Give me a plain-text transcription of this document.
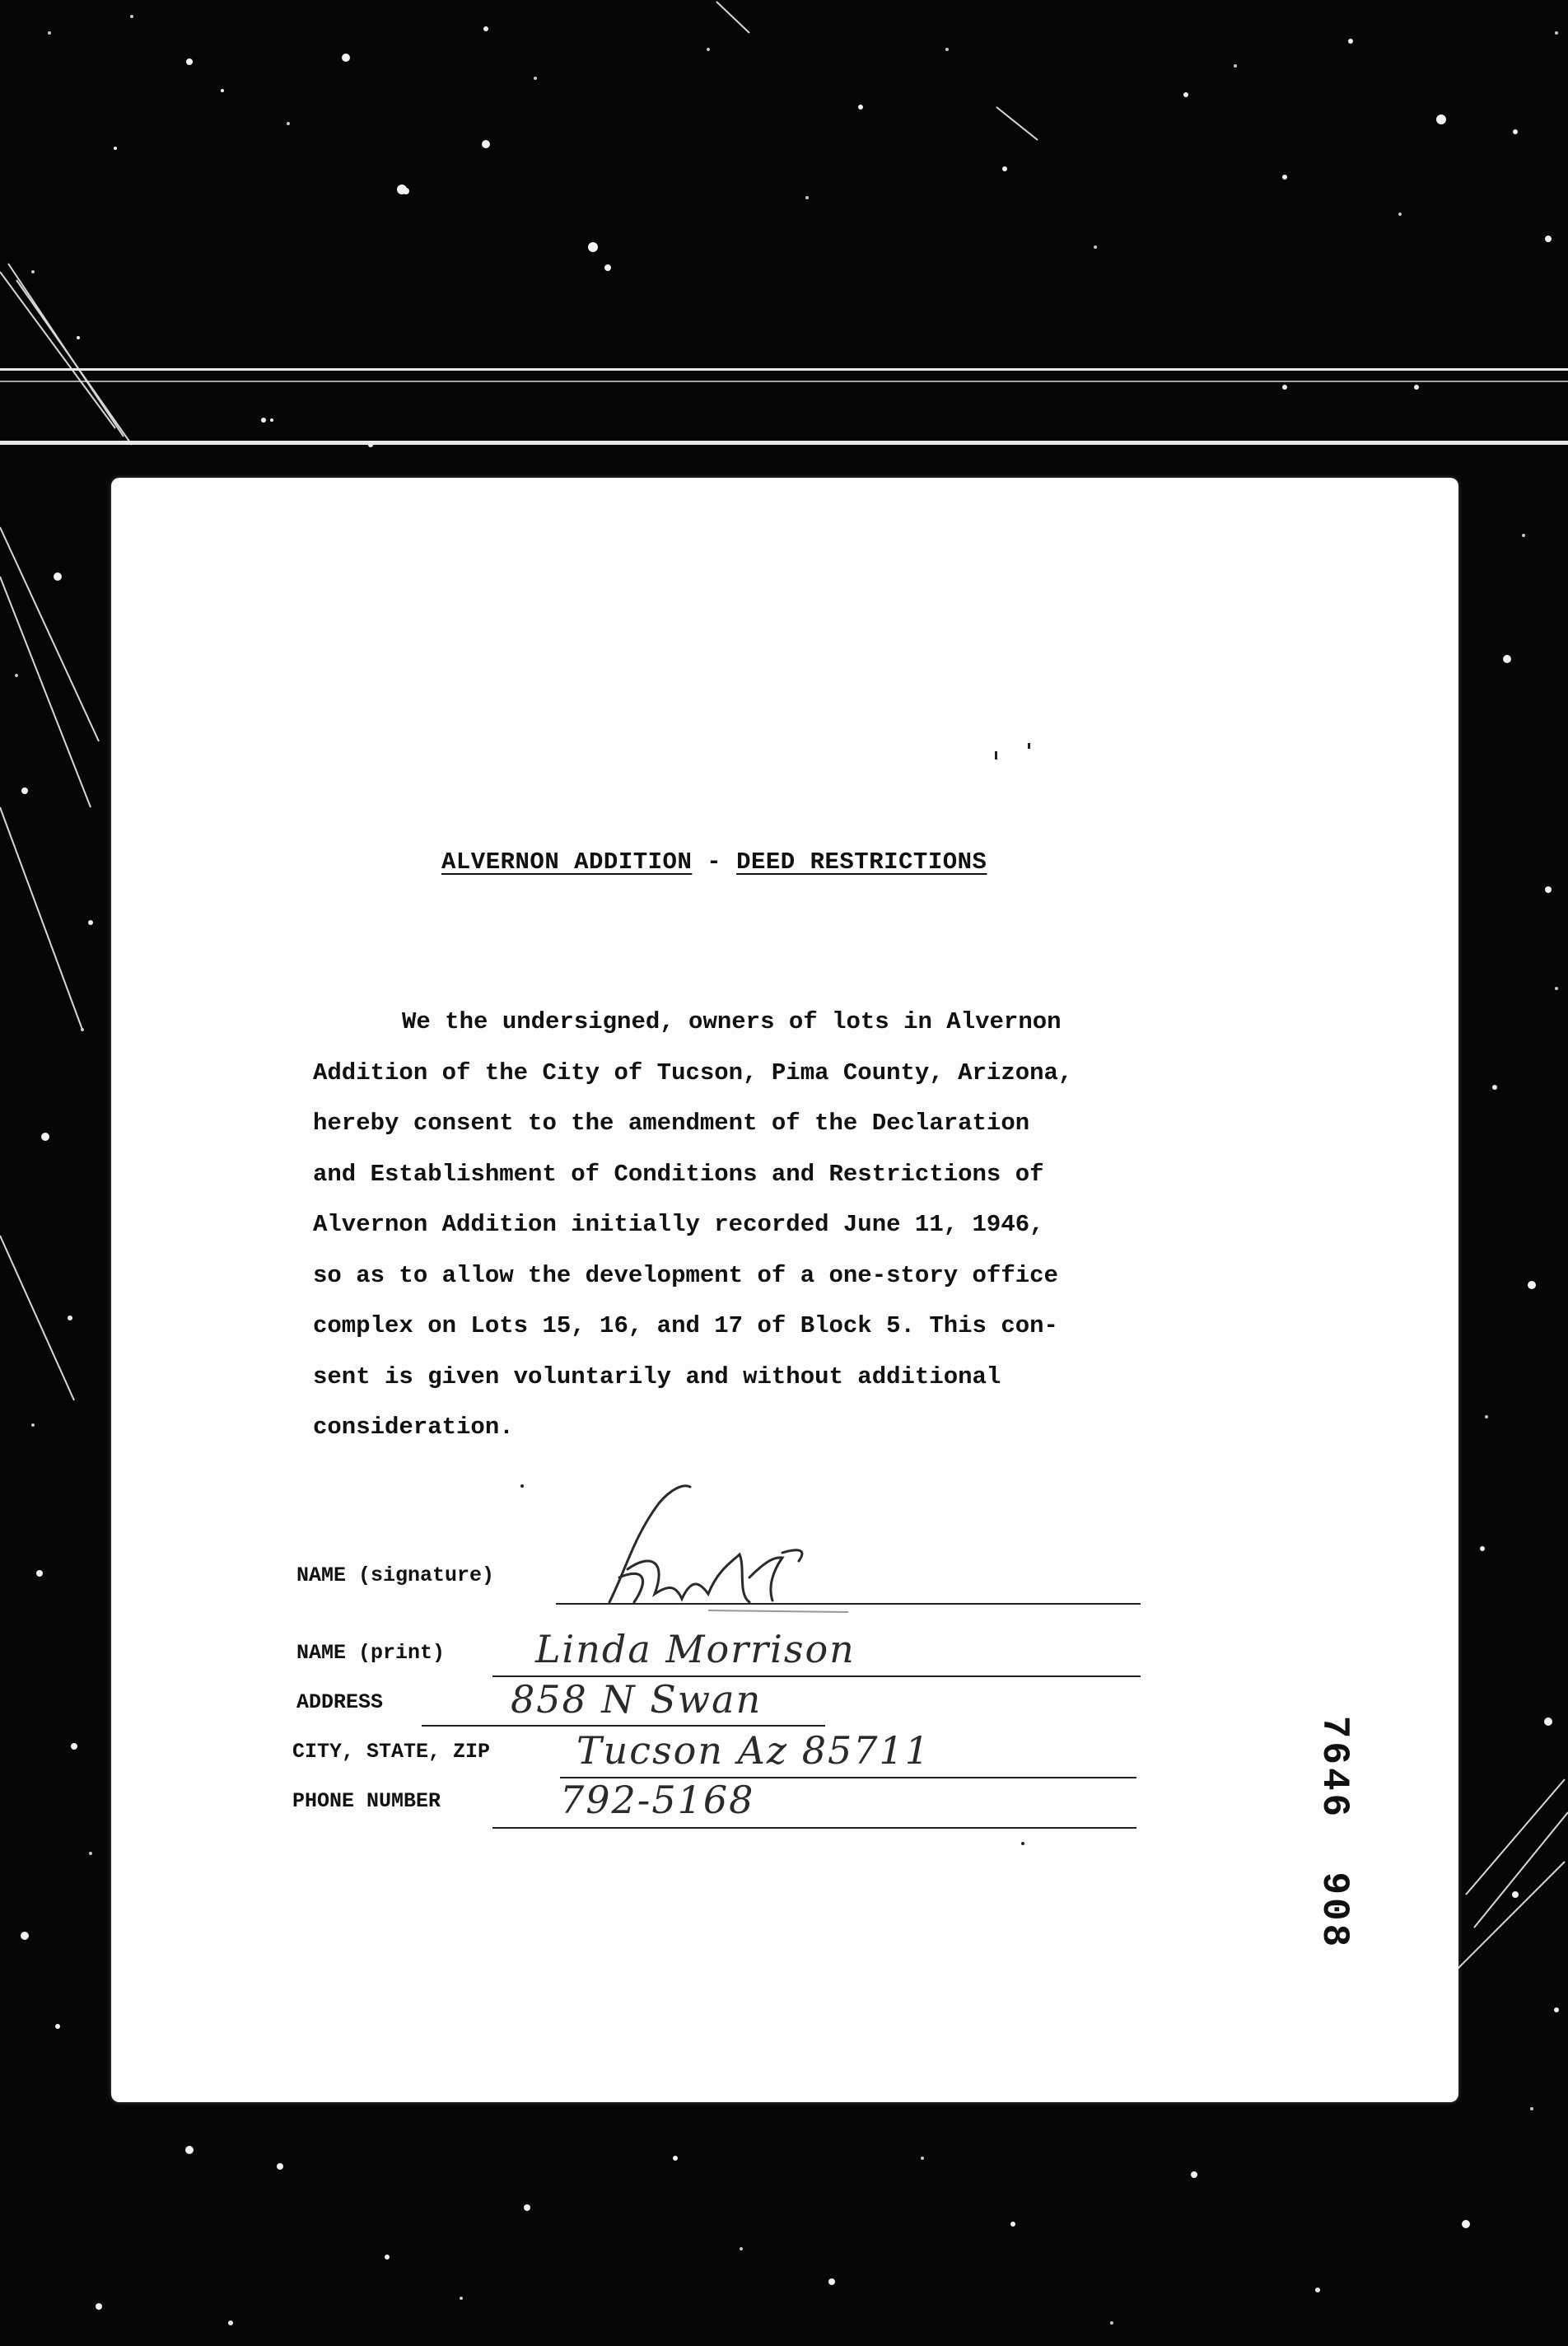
ALVERNON ADDITION - DEED RESTRICTIONS
We the undersigned, owners of lots in Alvernon
Addition of the City of Tucson, Pima County, Arizona,
hereby consent to the amendment of the Declaration
and Establishment of Conditions and Restrictions of
Alvernon Addition initially recorded June 11, 1946,
so as to allow the development of a one-story office
complex on Lots 15, 16, and 17 of Block 5. This con-
sent is given voluntarily and without additional
consideration.
NAME (signature)
NAME (print) Linda Morrison
ADDRESS	858 N Swan
CITY, STATE, ZIP Tucson Az 85711
PHONE NUMBER	792-5168	7646  908
